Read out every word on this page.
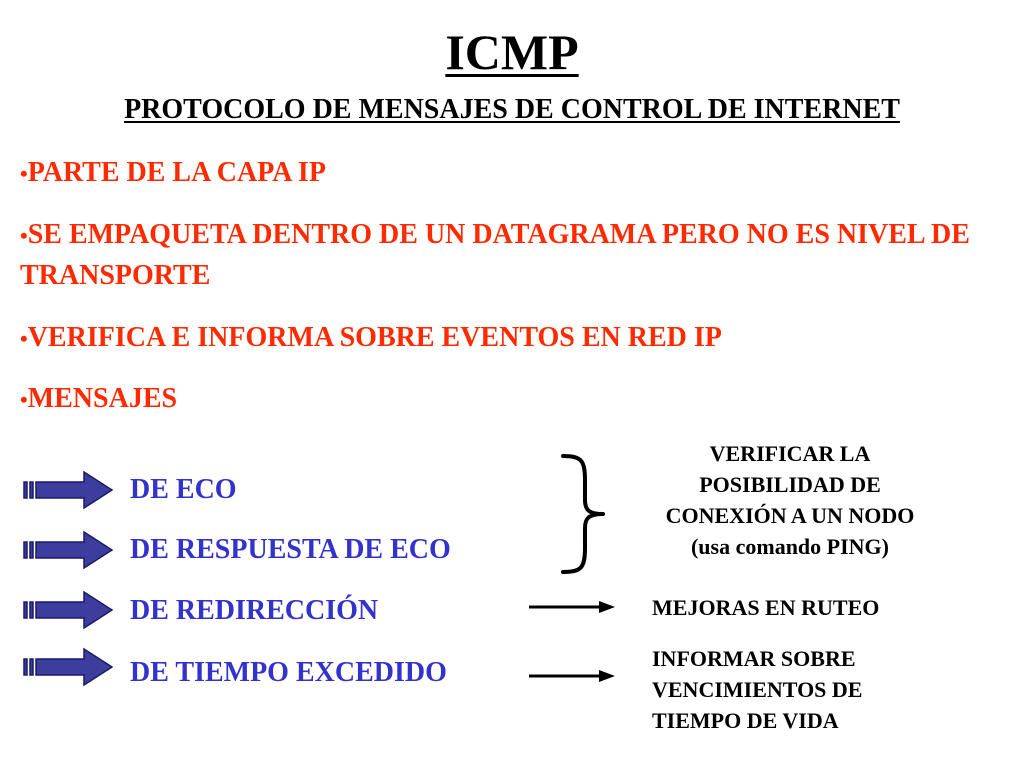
ICMP
PROTOCOLO DE MENSAJES DE CONTROL DE INTERNET
•PARTE DE LA CAPA IP
•SE EMPAQUETA DENTRO DE UN DATAGRAMA PERO NO ES NIVEL DE TRANSPORTE
•VERIFICA E INFORMA SOBRE EVENTOS EN RED IP
•MENSAJES
DE ECO
DE RESPUESTA DE ECO
DE REDIRECCIÓN
DE TIEMPO EXCEDIDO
VERIFICAR LA
POSIBILIDAD DE
CONEXIÓN A UN NODO
(usa comando PING)
MEJORAS EN RUTEO
INFORMAR SOBRE
VENCIMIENTOS DE
TIEMPO DE VIDA
